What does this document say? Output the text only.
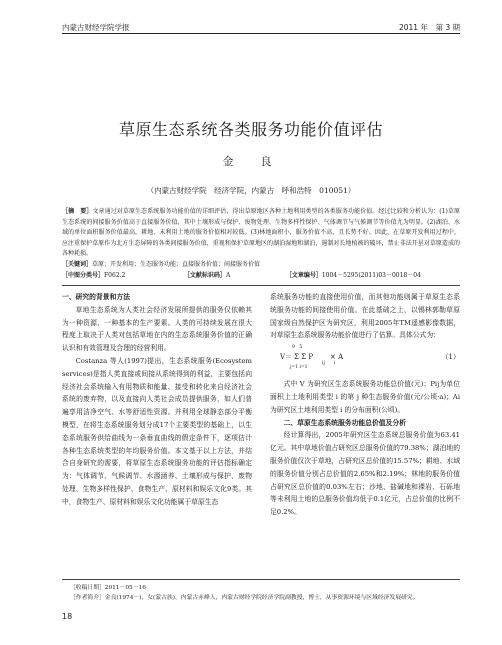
内蒙古财经学院学报	2011 年　第 3 期
草原生态系统各类服务功能价值评估
金　良
（内蒙古财经学院　经济学院，内蒙古　呼和浩特　010051）
［摘　要］文章通过对草原生态系统服务功能价值的详细评估，得出草原地区各种土地利用类型的各类服务功能价值。经过比较和分析认为：(1)草原生态系统的间接服务价值高于直接服务价值，其中土壤形成与保护、废物处理、生物多样性保护、气体调节与气候调节等价值尤为明显。(2)湖泊、水域的单位面积服务价值最高，耕地、未利用土地的服务价值相对较低。(3)林地面积小，服务价值不高，且长势不好。因此，在草原开发利用过程中，应注重保护草原作为北方生态屏障的各类间接服务价值，重视和保护草原地区的湖泊湿地和湖泊，遏制对长地植被的破坏，禁止非法开垦对草原造成的各种耗损。
［关键词］草原；开发利用；生态服务功能；直接服务价值；间接服务价值
［中图分类号］F062.2	［文献标识码］A	［文章编号］1004－5295(2011)03－0018－04
一、研究的背景和方法

草地生态系统为人类社会经济发展所提供的服务仅依赖其为一种资源、一种基本的生产要素。人类的可持续发展在很大程度上取决于人类对包括草地在内的生态系统服务价值的正确认识和有效管理及合理的经营利用。

Costanza 等人(1997)提出，生态系统服务(Ecosystem services)是指人类直接或间接从系统得到的利益，主要包括向经济社会系统输入有用物质和能量、接受和转化来自经济社会系统的废弃物，以及直接向人类社会成员提供服务，如人们普遍享用洁净空气、水等舒适性资源。并利用全球静态部分平衡模型，在将生态系统服务划分成17个主要类型的基础上，以生态系统服务供给曲线为一条垂直曲线的假定条件下，逐项估计各种生态系统类型的年均服务价值。本文基于以上方法，并结合自身研究的需要，将草原生态系统服务功能的评估指标确定为：气体调节、气候调节、水源涵养、土壤形成与保护、废物处理、生物多样性保护、食物生产、原材料和娱乐文化9类。其中，食物生产、原材料和娱乐文化功能属于草原生态

系统服务功能的直接使用价值，而其他功能则属于草原生态系统服务功能的间接使用价值。在此基础之上，以锡林郭勒草原国家级自然保护区为研究区，利用2005年TM遥感影像数据，对草原生态系统服务功能价值进行了估算。具体公式为：

9　5
V＝ Σ Σ P × A
ij　　i
j=1 i=1
（1）

式中 V 为研究区生态系统服务功能总价值(元)；Pij为单位面积上土地利用类型 i 的第 j 种生态服务价值(元/公顷·a)；Ai为研究区土地利用类型 i 的分布面积(公顷)。

二、草原生态系统服务功能总价值及分析

经计算得出，2005年研究区生态系统总服务价值为63.41亿元。其中草地价值占研究区总服务价值的79.38%；湖泊地的服务价值仅次于草地，占研究区总价值的15.57%；耕地、水域的服务价值分别占总价值的2.65%和2.19%；林地的服务价值占研究区总价值的0.03%左右；沙地、盐碱地和裸岩、石砾地等未利用土地的总服务价值均低于0.1亿元，占总价值的比例不足0.2%。

［收稿日期］2011－05－16
［作者简介］金良(1974－)，女(蒙古族)，内蒙古赤峰人，内蒙古财经学院经济学院副教授，博士，从事资源环境与区域经济发展研究。
18
